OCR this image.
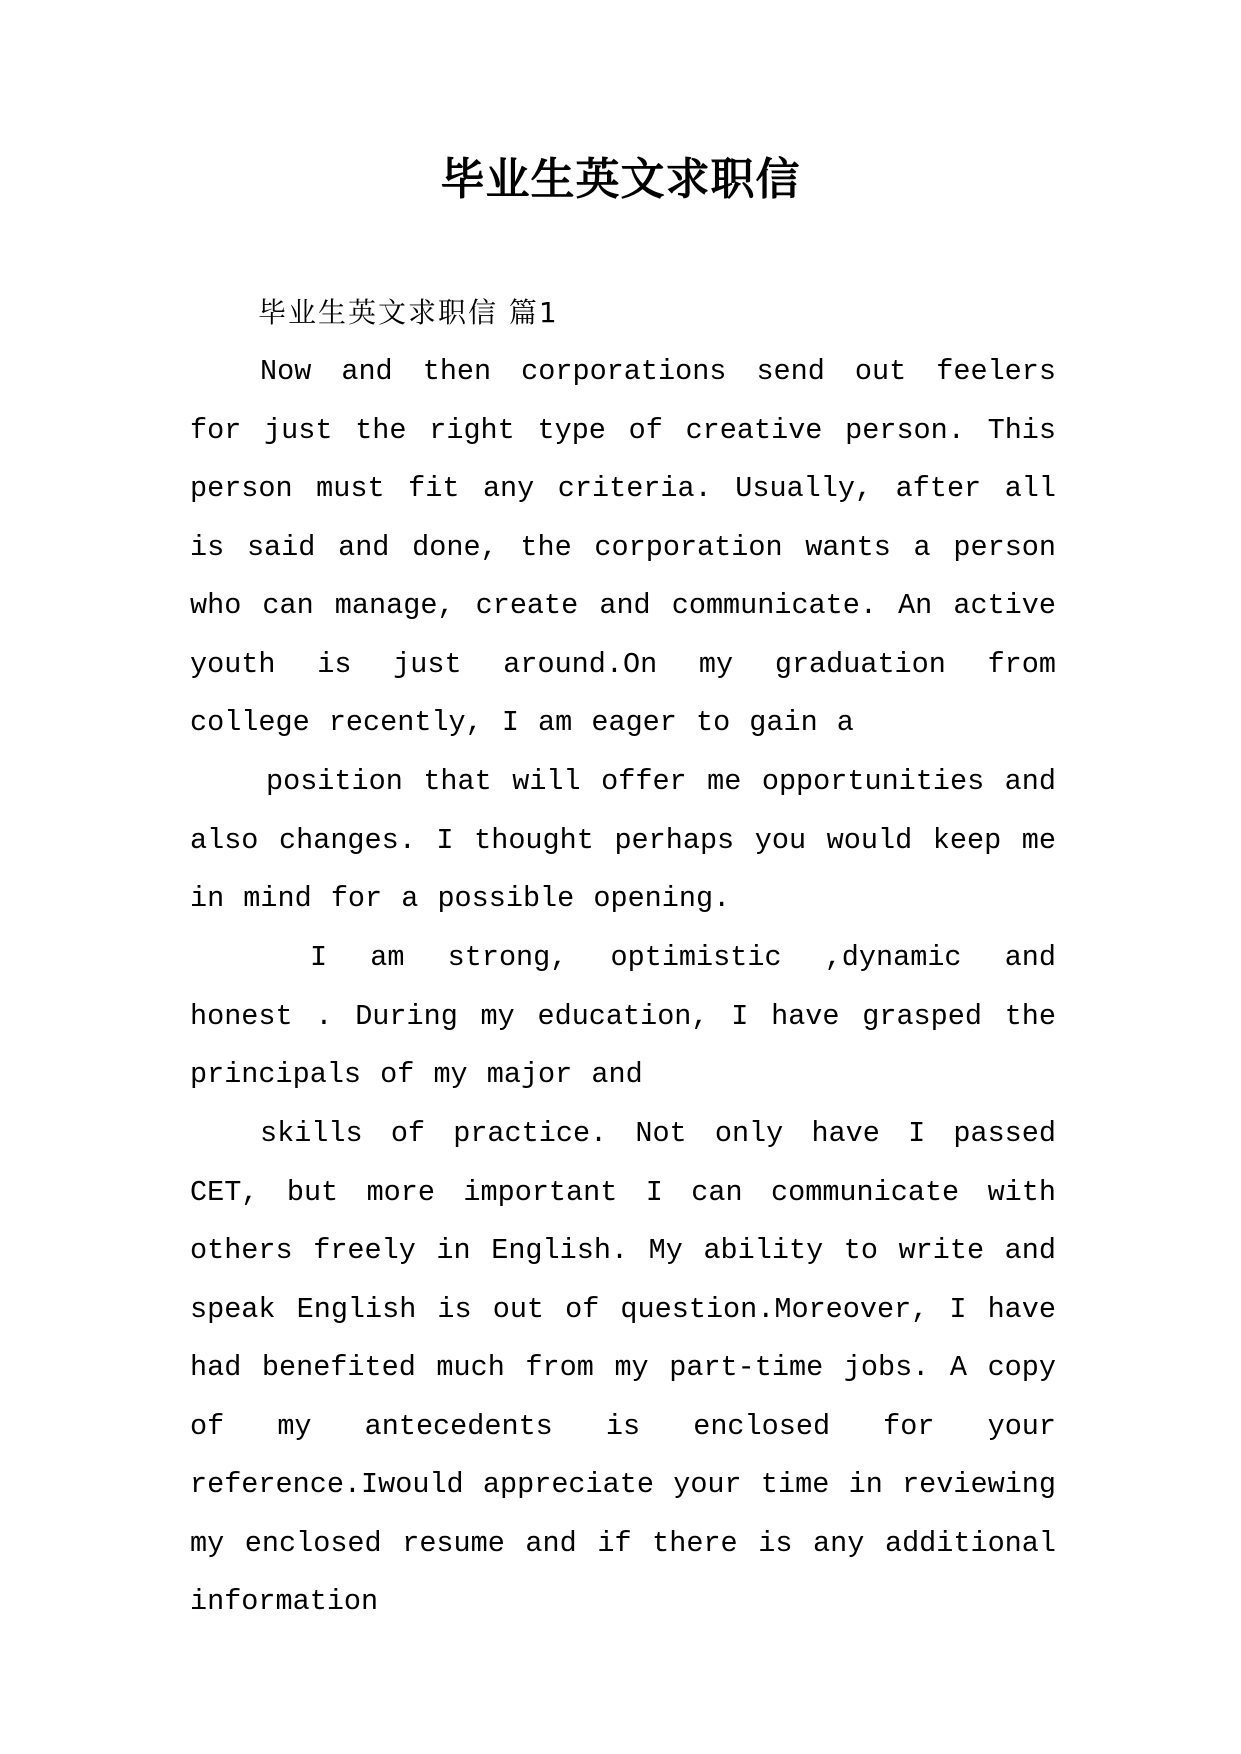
毕业生英文求职信
毕业生英文求职信 篇1

Now and then corporations send out feelers for just the right type of creative person. This person must fit any criteria. Usually, after all is said and done, the corporation wants a person who can manage, create and communicate. An active youth is just around.On my graduation from college recently, I am eager to gain a

position that will offer me opportunities and also changes. I thought perhaps you would keep me in mind for a possible opening.

I am strong, optimistic ,dynamic and honest . During my education, I have grasped the

principals of my major and

skills of practice. Not only have I passed CET, but more important I can communicate with others freely in English. My ability to write and speak English is out of question.Moreover, I have had benefited much from my part-time jobs. A copy of my antecedents is enclosed for your reference.Iwould appreciate your time in reviewing my enclosed resume and if there is any additional information
